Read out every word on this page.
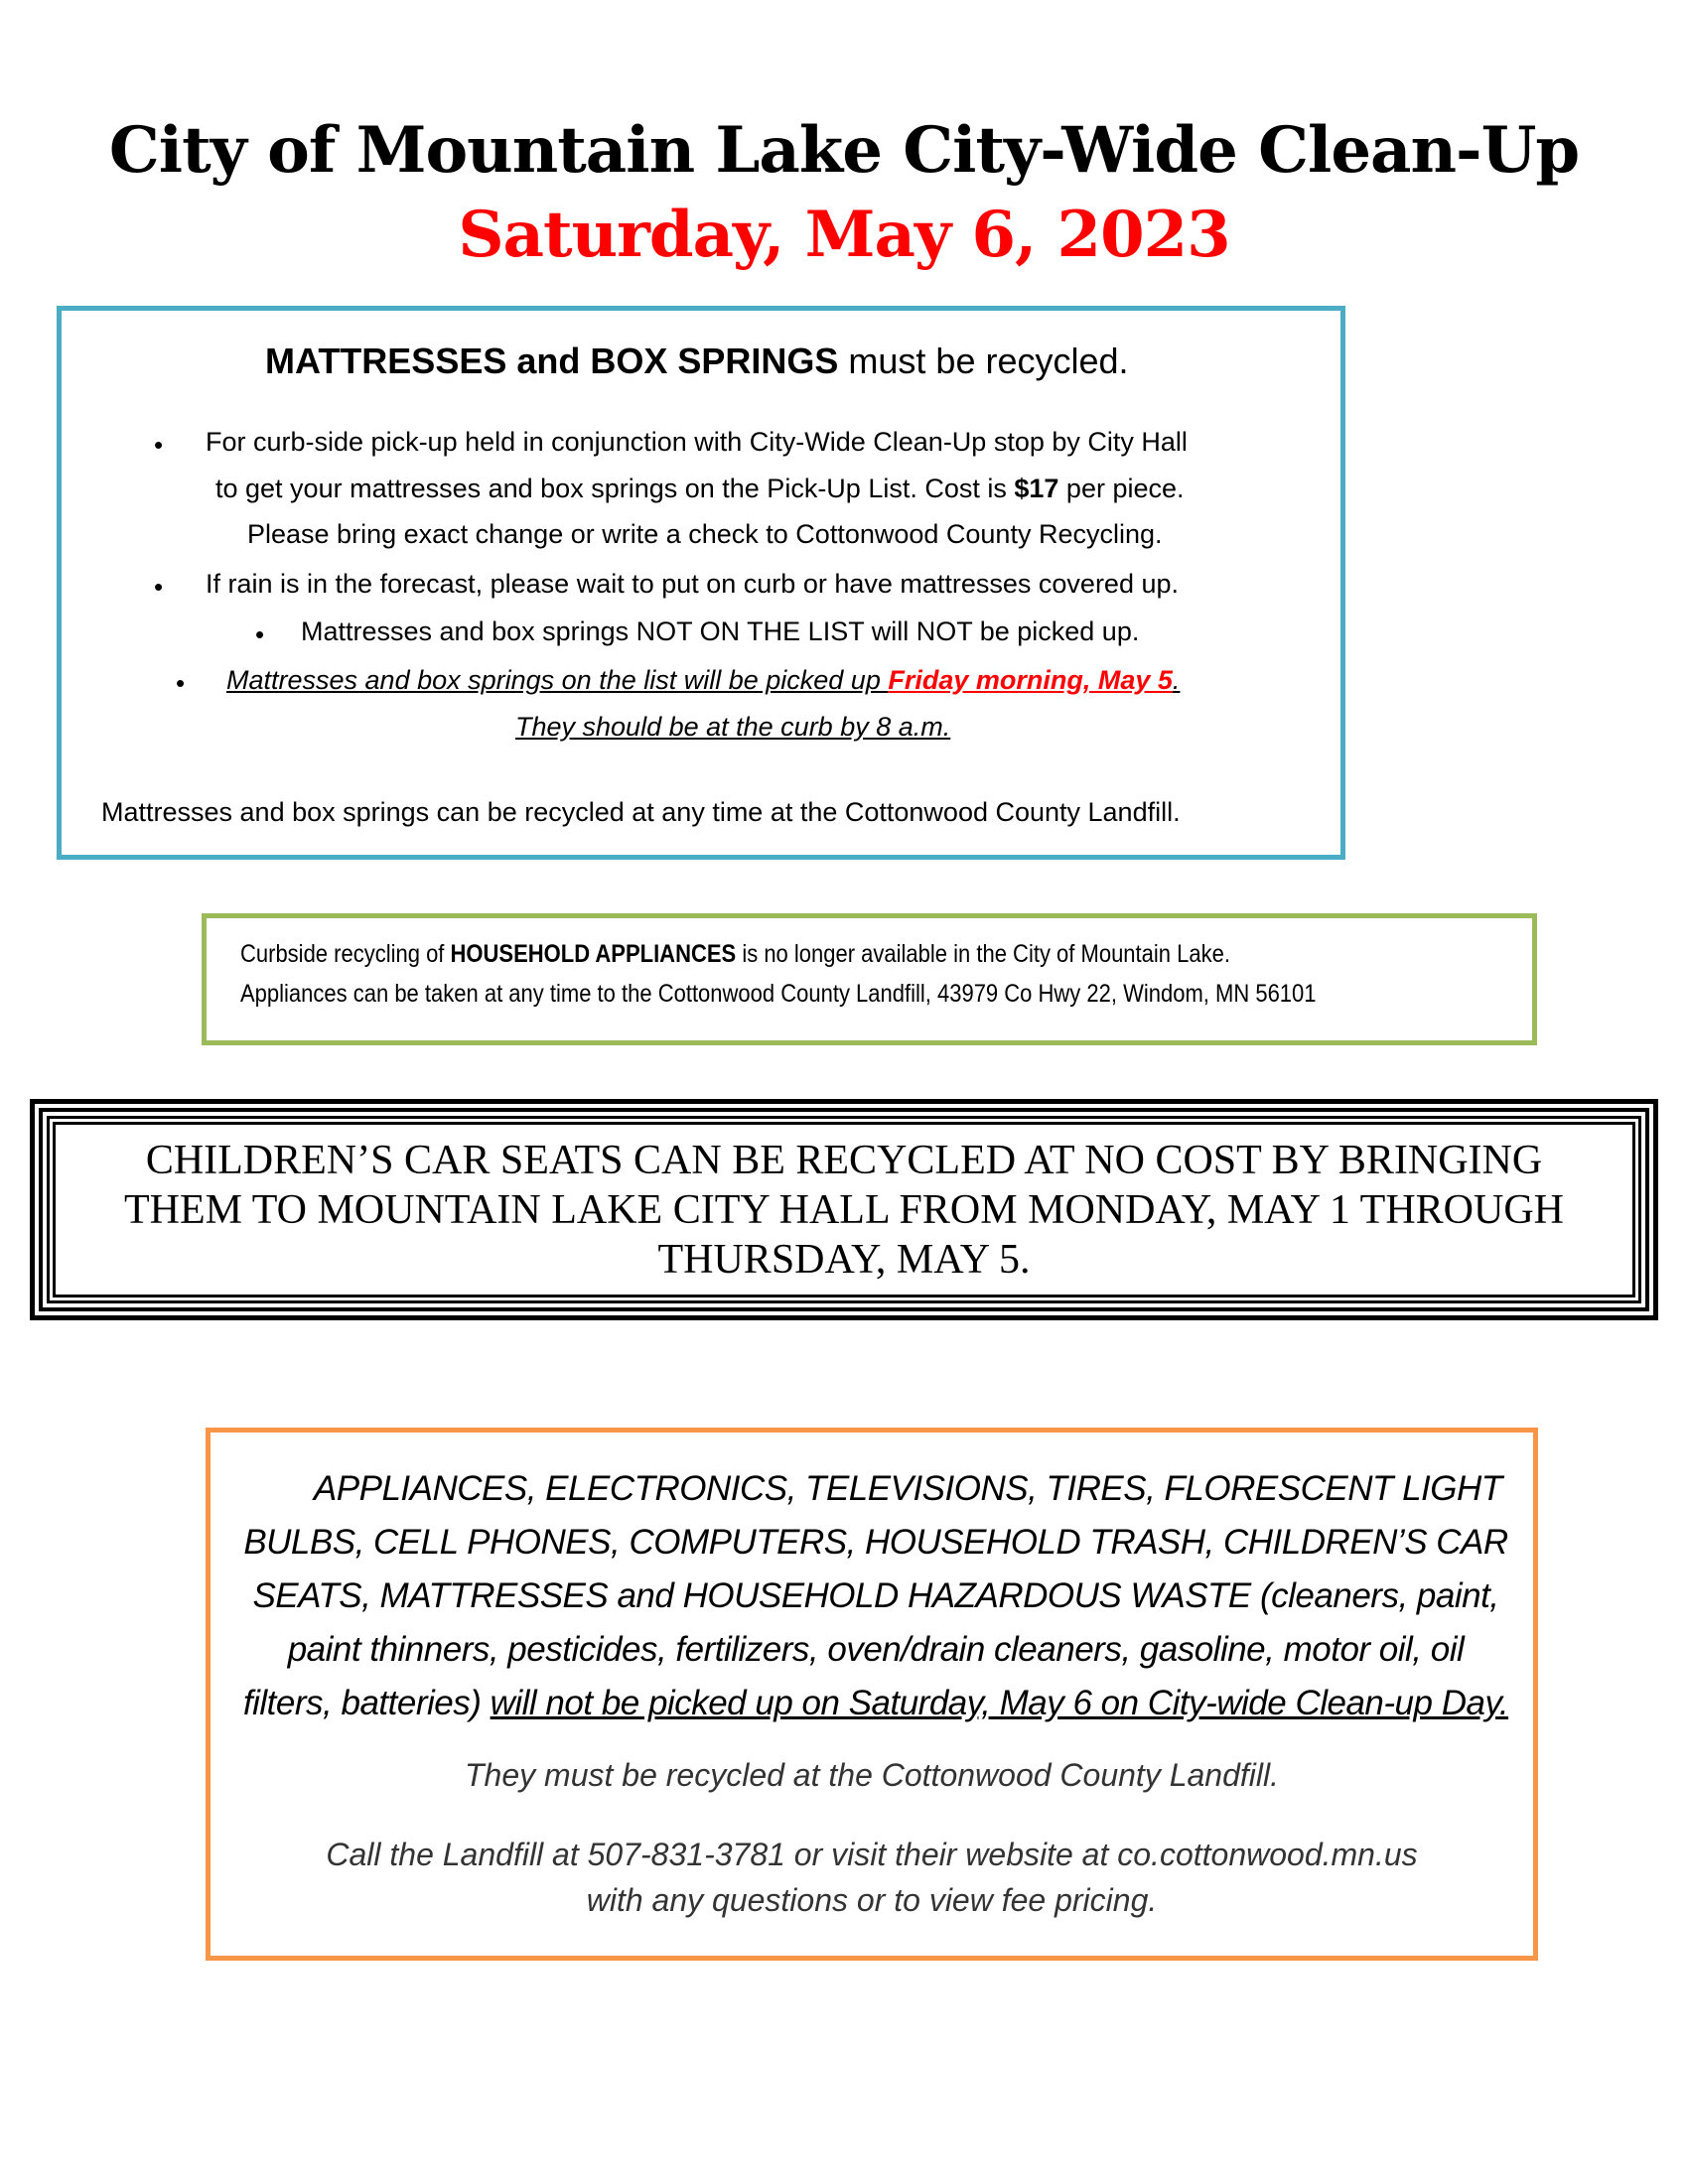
City of Mountain Lake City-Wide Clean-Up
Saturday, May 6, 2023
MATTRESSES and BOX SPRINGS must be recycled.
• For curb-side pick-up held in conjunction with City-Wide Clean-Up stop by City Hall
to get your mattresses and box springs on the Pick-Up List. Cost is $17 per piece.
Please bring exact change or write a check to Cottonwood County Recycling.
• If rain is in the forecast, please wait to put on curb or have mattresses covered up.
• Mattresses and box springs NOT ON THE LIST will NOT be picked up.
• Mattresses and box springs on the list will be picked up Friday morning, May 5.
They should be at the curb by 8 a.m.
Mattresses and box springs can be recycled at any time at the Cottonwood County Landfill.
Curbside recycling of HOUSEHOLD APPLIANCES is no longer available in the City of Mountain Lake.
Appliances can be taken at any time to the Cottonwood County Landfill, 43979 Co Hwy 22, Windom, MN 56101
CHILDREN’S CAR SEATS CAN BE RECYCLED AT NO COST BY BRINGING THEM TO MOUNTAIN LAKE CITY HALL FROM MONDAY, MAY 1 THROUGH THURSDAY, MAY 5.
APPLIANCES, ELECTRONICS, TELEVISIONS, TIRES, FLORESCENT LIGHT BULBS, CELL PHONES, COMPUTERS, HOUSEHOLD TRASH, CHILDREN’S CAR SEATS, MATTRESSES and HOUSEHOLD HAZARDOUS WASTE (cleaners, paint, paint thinners, pesticides, fertilizers, oven/drain cleaners, gasoline, motor oil, oil filters, batteries) will not be picked up on Saturday, May 6 on City-wide Clean-up Day.
They must be recycled at the Cottonwood County Landfill.
Call the Landfill at 507-831-3781 or visit their website at co.cottonwood.mn.us
with any questions or to view fee pricing.
